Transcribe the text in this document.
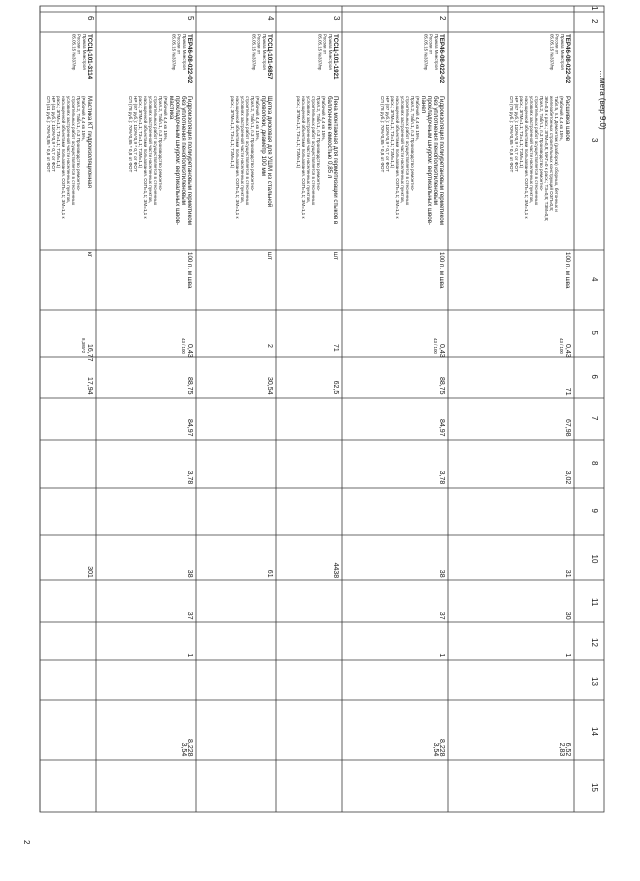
1
2
3
4
5
6
7
8
9
10
11
12
13
14
15
…мета (вер 9.0)
ТЕР46-08-022-02
Приказ Минстроя
России от
05.05.15 №337/пр
Расшивка швов
(Рабочий 4,4 кв 15%,
Табл.5, п.1 Демонтаж (разборка) сборных, бетонных и
железобетонных строительных конструкций ОЗП=0,8;
ЭМ=0,8 к расх.; ЗПМ=0,8; МАТ=0 к расх.; ТЗ=0,8; ТЗМ=0,8;
Прил.2, Табл.1, п.3 Производство ремонтно-
строительных работ осуществляется в стесненных
условиях застроенной части населенных пунктов,
насыщенной объектами пользования. ОЗП=1,1; ЗМ=1,1 к
расх.; ЗПМ=1,1; ТЗ=1,1; ТЗМ=1,1)
НР (87 руб.): 110%*0,9 * 0,7 от ФОТ
СП (78 руб.): 70%*0,85 * 0,8 от ФОТ
100 п. м шва
0,43
43 / 100
71
67,98
3,02
31
30
1
6,52
2,83
2
ТЕР46-08-022-02
Приказ Минстроя
России от
05.05.15 №337/пр
Гидроизоляция полиуретановым герметиком
без уплотнения пенополиэтиленовым
прокладочным шнуром: вертикальных швов-
панел
(Рабочий 4,4 кв 15%,
Прил.2, Табл.1, п.3 Производство ремонтно-
строительных работ осуществляется в стесненных
условиях застроенной части населенных пунктов,
насыщенной объектами пользования. ОЗП=1,1; ЗМ=1,1 к
расх.; ЗПМ=1,1; ТЗ=1,1; ТЗМ=1,1)
НР (97 руб.): 110%*0,9 * 0,7 от ФОТ
СП (78 руб.): 70%*0,85 * 0,8 от ФОТ
100 п. м шва
0,43
43 / 100
88,75
84,97
3,78
38
37
1
8,228
3,54
3
ТССЦ-101-1921
Приказ Минстроя
России от
05.05.15 №337/пр
Пена монтажная для герметизации стыков в
баллончике емкостью 0,85 л
(Рабочий 4,4 кв 15%,
Прил.2, Табл.1, п.3 Производство ремонтно-
строительных работ осуществляется в стесненных
условиях застроенной части населенных пунктов,
насыщенной объектами пользования. ОЗП=1,1; ЗМ=1,1 к
расх.; ЗПМ=1,1; ТЗ=1,1; ТЗМ=1,1)
шт
71
62,5
4438
4
ТССЦ-101-6857
Приказ Минстроя
России от
05.05.15 №337/пр
Щетка дисковая для УШМ из стальной
проволоки, диаметр 100 мм
(Рабочий 4,4 кв 15%,
Прил.2, Табл.1, п.3 Производство ремонтно-
строительных работ осуществляется в стесненных
условиях застроенной части населенных пунктов,
насыщенной объектами пользования. ОЗП=1,1; ЗМ=1,1 к
расх.; ЗПМ=1,1; ТЗ=1,1; ТЗМ=1,1)
шт
2
30,54
61
5
ТЕР46-08-022-02
Приказ Минстроя
России от
05.05.15 №337/пр
Гидроизоляция полиуретановым герметиком
без уплотнения пенополиэтиленовым
прокладочным шнуром: вертикальных швов-
мастика
(Рабочий 4,4 кв 15%,
Прил.2, Табл.1, п.3 Производство ремонтно-
строительных работ осуществляется в стесненных
условиях застроенной части населенных пунктов,
насыщенной объектами пользования. ОЗП=1,1; ЗМ=1,1 к
расх.; ЗПМ=1,1; ТЗ=1,1; ТЗМ=1,1)
НР (97 руб.): 110%*0,9 * 0,7 от ФОТ
СП (78 руб.): 70%*0,85 * 0,8 от ФОТ
100 п. м шва
0,43
43 / 100
88,75
84,97
3,78
38
37
1
8,228
3,54
6
ТССЦ-101-3114
Приказ Минстроя
России от
05.05.15 №337/пр
Мастика КТ гидроизоляционная
(Рабочий 4,4 кв 15%,
Прил.2, Табл.1, п.3 Производство ремонтно-
строительных работ осуществляется в стесненных
условиях застроенной части населенных пунктов,
насыщенной объектами пользования. ОЗП=1,1; ЗМ=1,1 к
расх.; ЗПМ=1,1; ТЗ=1,1; ТЗМ=1,1)
НР (41 руб.): 110%*0,9 * 0,7 от ФОТ
СП (41 руб.): 70%*0,85 * 0,8 от ФОТ
кг
16,77
8,385*2
17,94
301
2
